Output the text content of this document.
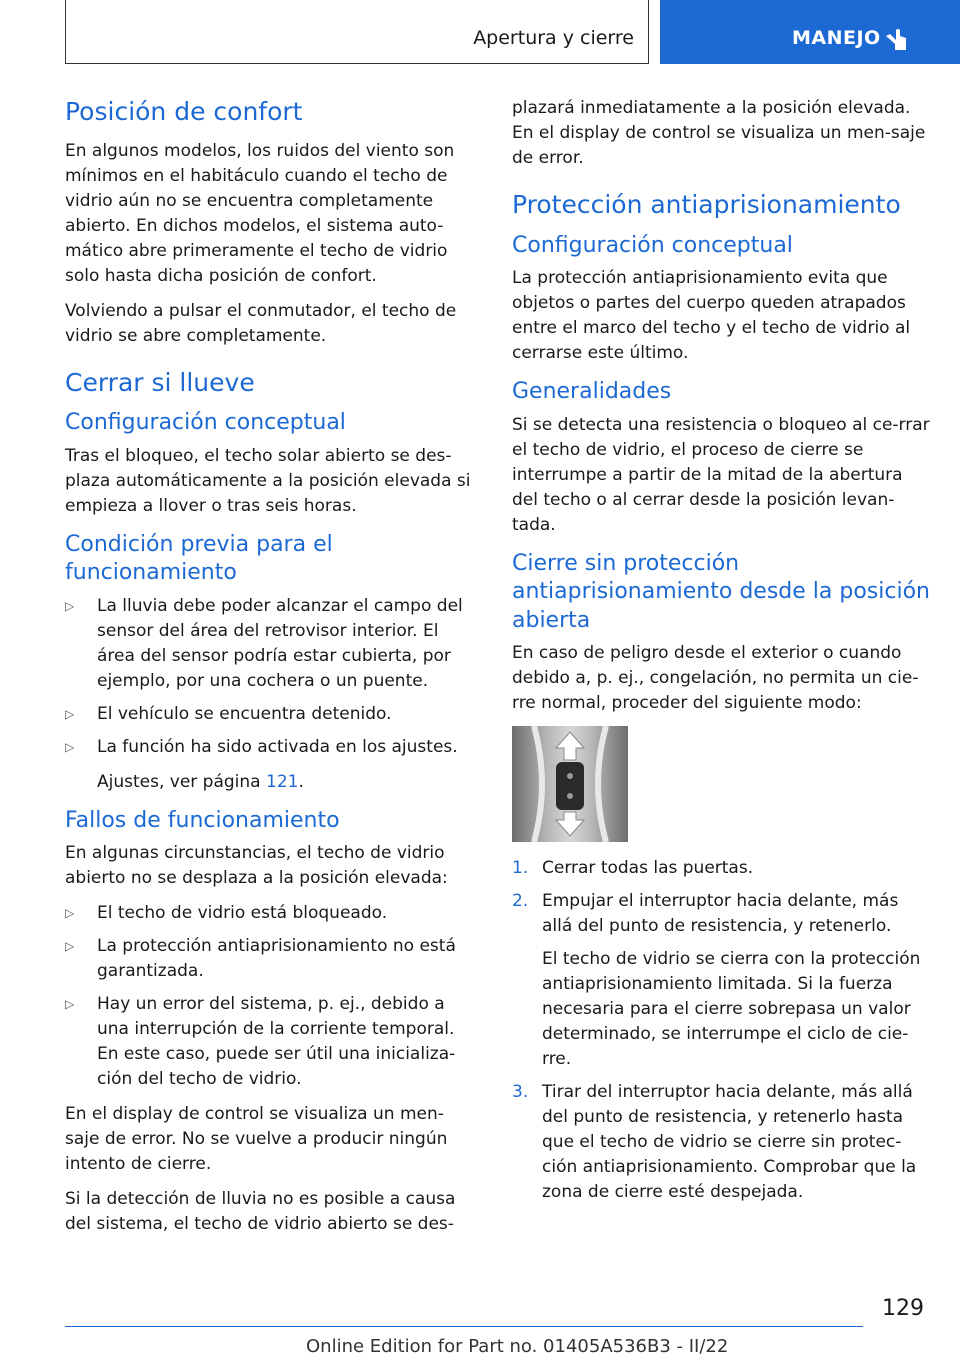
Apertura y cierre	MANEJO
Posición de confort

En algunos modelos, los ruidos del viento son mínimos en el habitáculo cuando el techo de vidrio aún no se encuentra completamente abierto. En dichos modelos, el sistema auto-mático abre primeramente el techo de vidrio solo hasta dicha posición de confort.

Volviendo a pulsar el conmutador, el techo de vidrio se abre completamente.

Cerrar si llueve
Configuración conceptual

Tras el bloqueo, el techo solar abierto se des-plaza automáticamente a la posición elevada si empieza a llover o tras seis horas.

Condición previa para el funcionamiento
▷ La lluvia debe poder alcanzar el campo del sensor del área del retrovisor interior. El área del sensor podría estar cubierta, por ejemplo, por una cochera o un puente.
▷ El vehículo se encuentra detenido.
▷ La función ha sido activada en los ajustes.

Ajustes, ver página 121.

Fallos de funcionamiento

En algunas circunstancias, el techo de vidrio abierto no se desplaza a la posición elevada:

▷ El techo de vidrio está bloqueado.
▷ La protección antiaprisionamiento no está garantizada.
▷ Hay un error del sistema, p. ej., debido a una interrupción de la corriente temporal. En este caso, puede ser útil una inicializa-ción del techo de vidrio.

En el display de control se visualiza un men-saje de error. No se vuelve a producir ningún intento de cierre.

Si la detección de lluvia no es posible a causa del sistema, el techo de vidrio abierto se des-

plazará inmediatamente a la posición elevada. En el display de control se visualiza un men-saje de error.

Protección antiaprisionamiento
Configuración conceptual

La protección antiaprisionamiento evita que objetos o partes del cuerpo queden atrapados entre el marco del techo y el techo de vidrio al cerrarse este último.

Generalidades

Si se detecta una resistencia o bloqueo al ce-rrar el techo de vidrio, el proceso de cierre se interrumpe a partir de la mitad de la abertura del techo o al cerrar desde la posición levan-tada.

Cierre sin protección antiaprisionamiento desde la posición abierta

En caso de peligro desde el exterior o cuando debido a, p. ej., congelación, no permita un cie-rre normal, proceder del siguiente modo:

1. Cerrar todas las puertas.

2. Empujar el interruptor hacia delante, más allá del punto de resistencia, y retenerlo.

El techo de vidrio se cierra con la protección antiaprisionamiento limitada. Si la fuerza necesaria para el cierre sobrepasa un valor determinado, se interrumpe el ciclo de cie-rre.

3. Tirar del interruptor hacia delante, más allá del punto de resistencia, y retenerlo hasta que el techo de vidrio se cierre sin protec-ción antiaprisionamiento. Comprobar que la zona de cierre esté despejada.

129
Online Edition for Part no. 01405A536B3 - II/22
